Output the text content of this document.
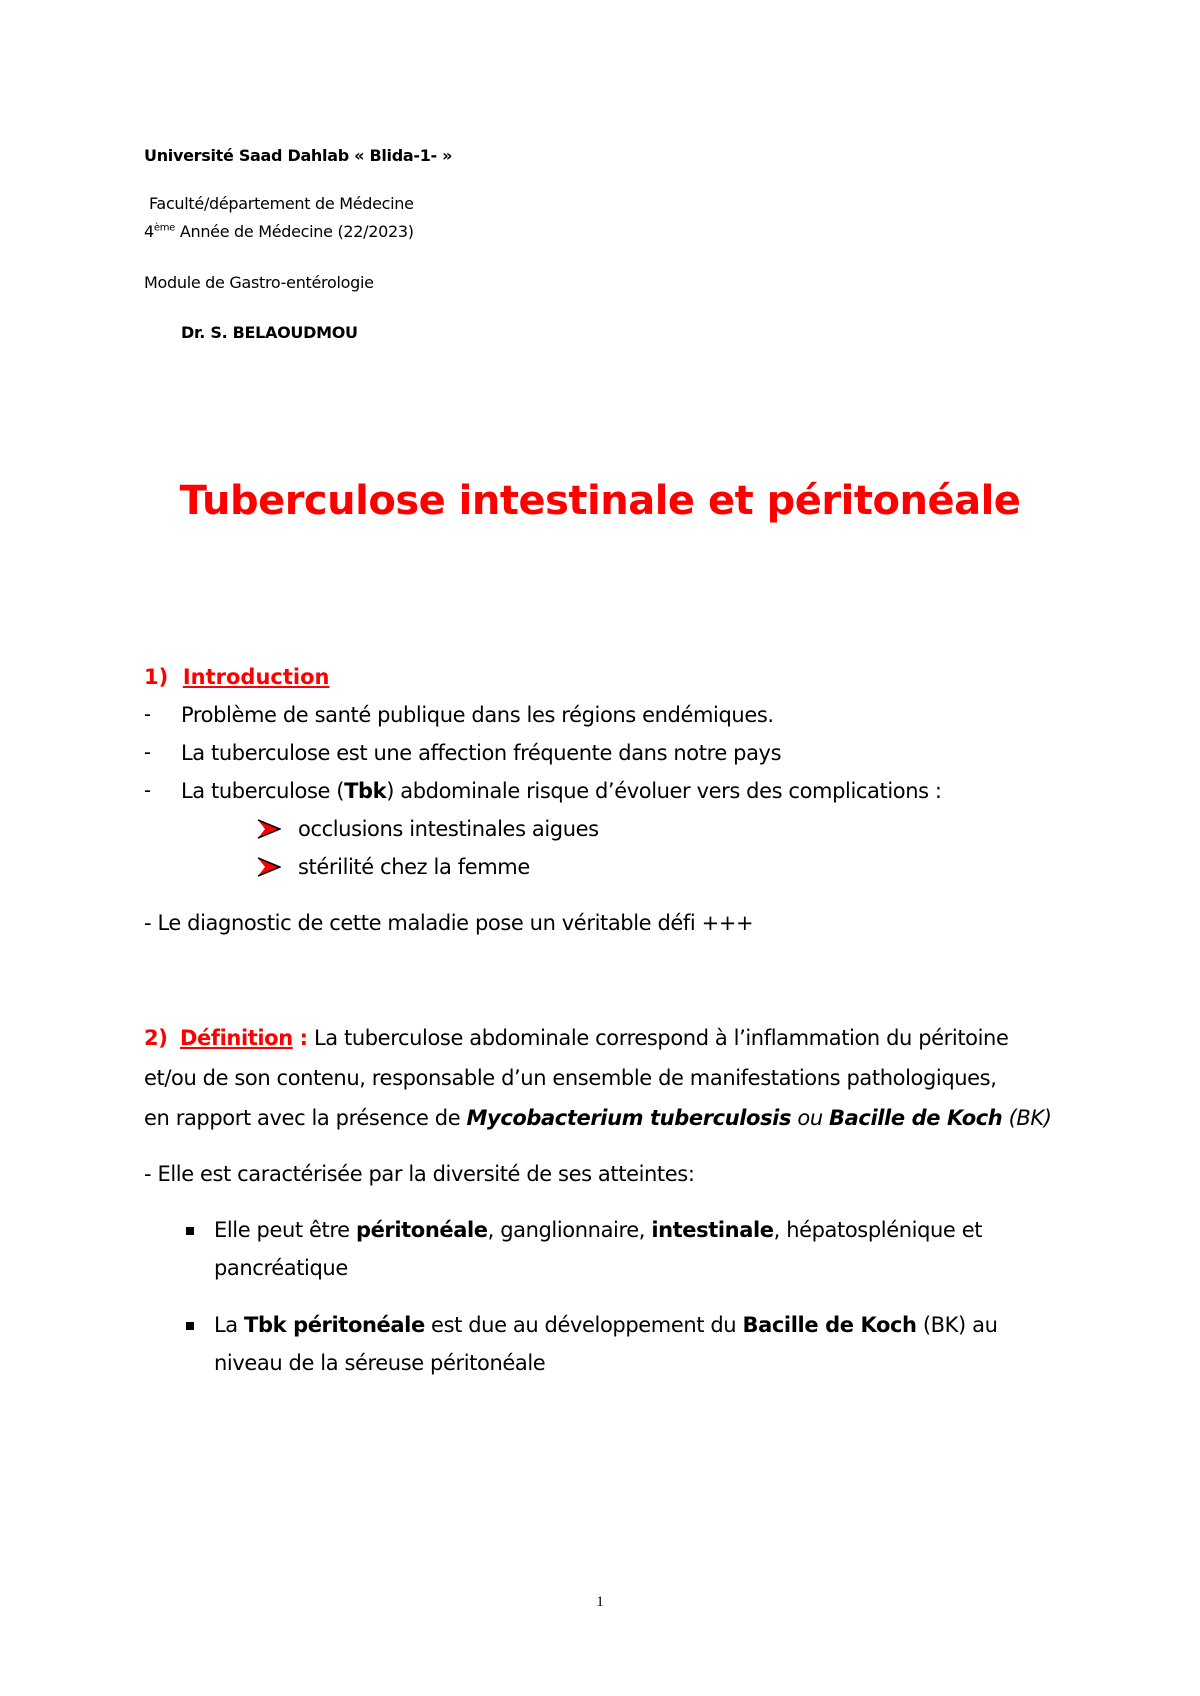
Université Saad Dahlab « Blida-1- »
Faculté/département de Médecine
4ème Année de Médecine (22/2023)
Module de Gastro-entérologie
Dr. S. BELAOUDMOU
Tuberculose intestinale et péritonéale
1) Introduction
- Problème de santé publique dans les régions endémiques.
- La tuberculose est une affection fréquente dans notre pays
- La tuberculose (Tbk) abdominale risque d’évoluer vers des complications :
occlusions intestinales aigues
stérilité chez la femme
- Le diagnostic de cette maladie pose un véritable défi +++
2) Définition : La tuberculose abdominale correspond à l’inflammation du péritoine
et/ou de son contenu, responsable d’un ensemble de manifestations pathologiques,
en rapport avec la présence de Mycobacterium tuberculosis ou Bacille de Koch (BK)
- Elle est caractérisée par la diversité de ses atteintes:
Elle peut être péritonéale, ganglionnaire, intestinale, hépatosplénique et
pancréatique
La Tbk péritonéale est due au développement du Bacille de Koch (BK) au
niveau de la séreuse péritonéale
1
